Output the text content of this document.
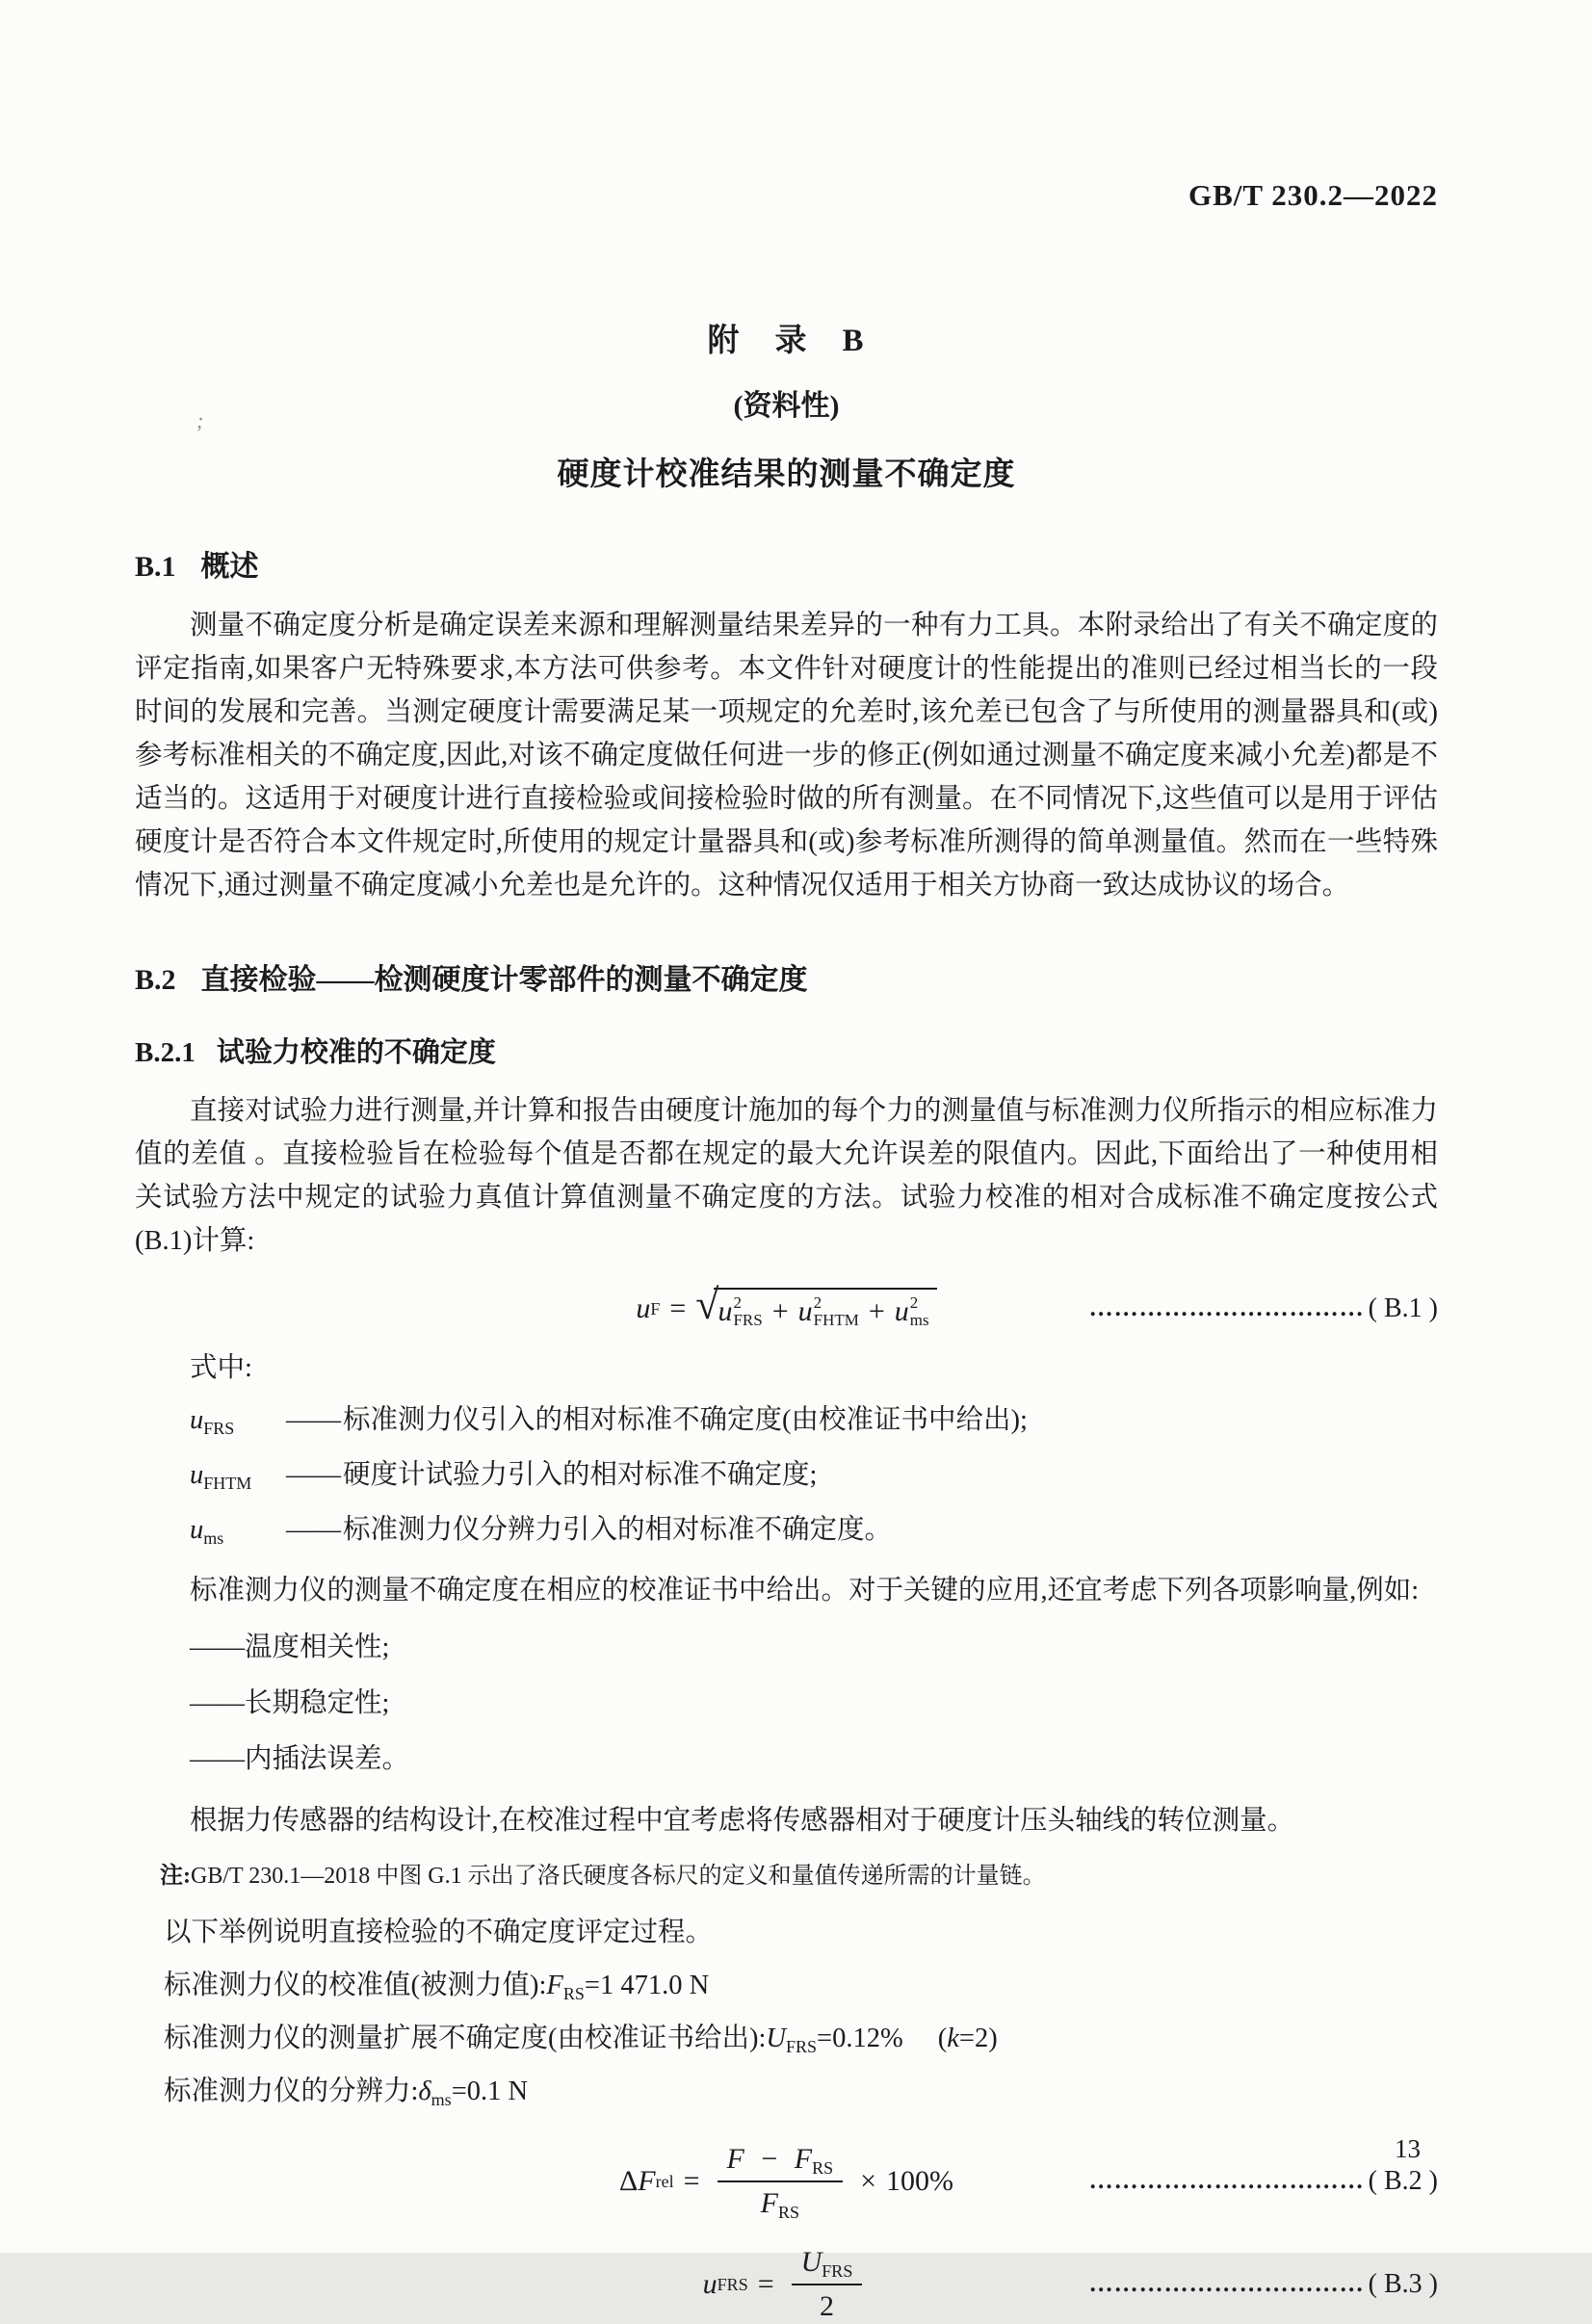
GB/T 230.2—2022
;
附　录　B
(资料性)
硬度计校准结果的测量不确定度
B.1 概述
测量不确定度分析是确定误差来源和理解测量结果差异的一种有力工具。本附录给出了有关不确定度的评定指南,如果客户无特殊要求,本方法可供参考。本文件针对硬度计的性能提出的准则已经过相当长的一段时间的发展和完善。当测定硬度计需要满足某一项规定的允差时,该允差已包含了与所使用的测量器具和(或)参考标准相关的不确定度,因此,对该不确定度做任何进一步的修正(例如通过测量不确定度来减小允差)都是不适当的。这适用于对硬度计进行直接检验或间接检验时做的所有测量。在不同情况下,这些值可以是用于评估硬度计是否符合本文件规定时,所使用的规定计量器具和(或)参考标准所测得的简单测量值。然而在一些特殊情况下,通过测量不确定度减小允差也是允许的。这种情况仅适用于相关方协商一致达成协议的场合。
B.2 直接检验——检测硬度计零部件的测量不确定度
B.2.1 试验力校准的不确定度
直接对试验力进行测量,并计算和报告由硬度计施加的每个力的测量值与标准测力仪所指示的相应标准力值的差值 。直接检验旨在检验每个值是否都在规定的最大允许误差的限值内。因此,下面给出了一种使用相关试验方法中规定的试验力真值计算值测量不确定度的方法。试验力校准的相对合成标准不确定度按公式(B.1)计算:
u F = √ u 2
FRS + u 2
FHTM + u 2
ms	…………………………… ( B.1 )
式中:
$u_{FRS}$	—— 标准测力仪引入的相对标准不确定度(由校准证书中给出);
$u_{FHTM}$	—— 硬度计试验力引入的相对标准不确定度;
$u_{ms}$	—— 标准测力仪分辨力引入的相对标准不确定度。
标准测力仪的测量不确定度在相应的校准证书中给出。对于关键的应用,还宜考虑下列各项影响量,例如:
——温度相关性;
——长期稳定性;
——内插法误差。
根据力传感器的结构设计,在校准过程中宜考虑将传感器相对于硬度计压头轴线的转位测量。
注:GB/T 230.1—2018 中图 G.1 示出了洛氏硬度各标尺的定义和量值传递所需的计量链。
以下举例说明直接检验的不确定度评定过程。
标准测力仪的校准值(被测力值)$:F_{RS}=1$ 471.0 N
标准测力仪的测量扩展不确定度(由校准证书给出)$:U_{FRS}=0.12\%$ (k=2)
标准测力仪的分辨力$:\delta_{ms}=0.1$ N
Δ F rel = $\frac{F - F_{RS}}{F_{RS}} \times 100\%$	…………………………… ( B.2 )
u FRS = $\frac{U_{FRS}}{2}$	…………………………… ( B.3 )
13
